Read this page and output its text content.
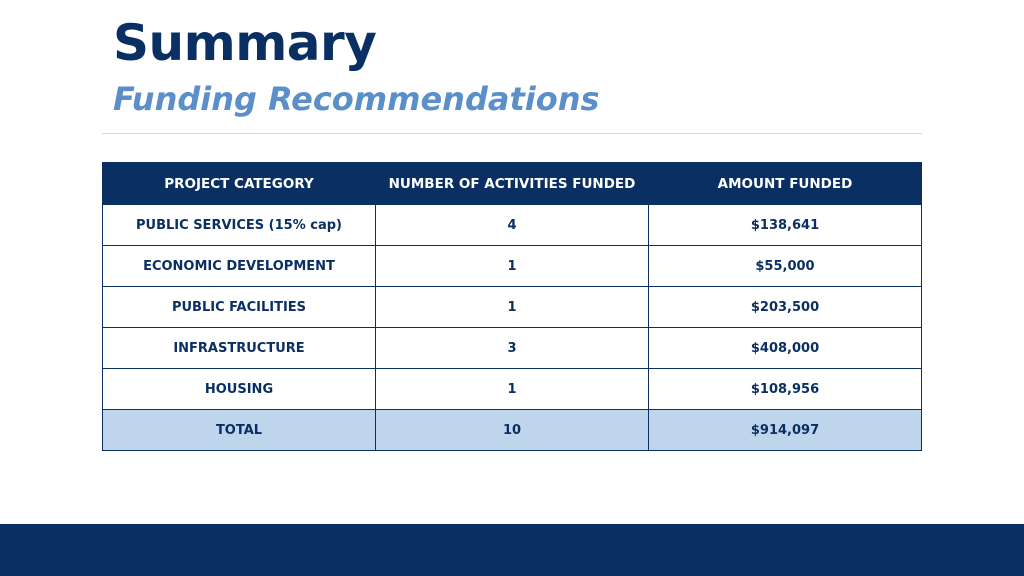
Summary
Funding Recommendations
PROJECT CATEGORY	NUMBER OF ACTIVITIES FUNDED	AMOUNT FUNDED
PUBLIC SERVICES (15% cap)	4	$138,641
ECONOMIC DEVELOPMENT	1	$55,000
PUBLIC FACILITIES	1	$203,500
INFRASTRUCTURE	3	$408,000
HOUSING	1	$108,956
TOTAL	10	$914,097
